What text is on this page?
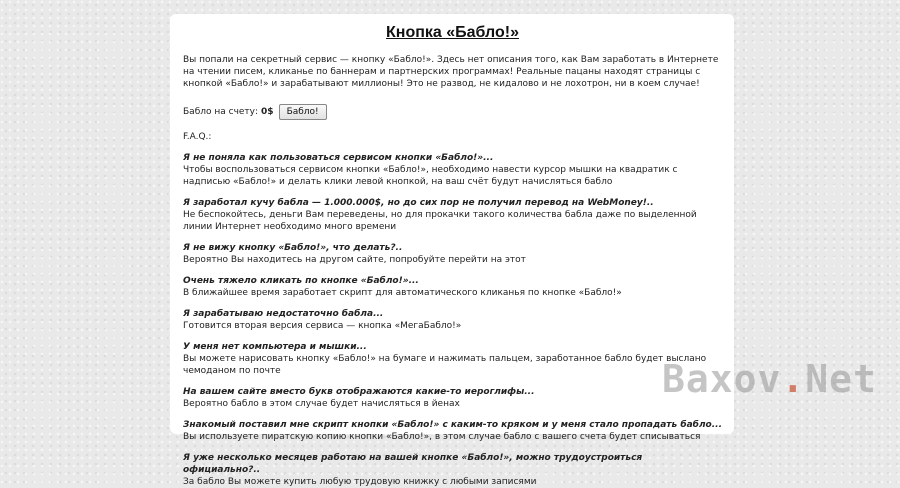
Кнопка «Бабло!»

Вы попали на секретный сервис — кнопку «Бабло!». Здесь нет описания того, как Вам заработать в Интернете на чтении писем, кликанье по баннерам и партнерских программах! Реальные пацаны находят страницы с кнопкой «Бабло!» и зарабатывают миллионы! Это не развод, не кидалово и не лохотрон, ни в коем случае!

Бабло на счету: 0$	Бабло!
F.A.Q.:
Я не поняла как пользоваться сервисом кнопки «Бабло!»...
Чтобы воспользоваться сервисом кнопки «Бабло!», необходимо навести курсор мышки на квадратик с надписью «Бабло!» и делать клики левой кнопкой, на ваш счёт будут начисляться бабло
Я заработал кучу бабла — 1.000.000$, но до сих пор не получил перевод на WebMoney!..
Не беспокойтесь, деньги Вам переведены, но для прокачки такого количества бабла даже по выделенной линии Интернет необходимо много времени
Я не вижу кнопку «Бабло!», что делать?..
Вероятно Вы находитесь на другом сайте, попробуйте перейти на этот
Очень тяжело кликать по кнопке «Бабло!»...
В ближайшее время заработает скрипт для автоматического кликанья по кнопке «Бабло!»
Я зарабатываю недостаточно бабла...
Готовится вторая версия сервиса — кнопка «МегаБабло!»
У меня нет компьютера и мышки...
Вы можете нарисовать кнопку «Бабло!» на бумаге и нажимать пальцем, заработанное бабло будет выслано чемоданом по почте
На вашем сайте вместо букв отображаются какие-то иероглифы...
Вероятно бабло в этом случае будет начисляться в йенах
Знакомый поставил мне скрипт кнопки «Бабло!» с каким-то кряком и у меня стало пропадать бабло...
Вы используете пиратскую копию кнопки «Бабло!», в этом случае бабло с вашего счета будет списываться
Я уже несколько месяцев работаю на вашей кнопке «Бабло!», можно трудоустроиться официально?..
За бабло Вы можете купить любую трудовую книжку с любыми записями
Baxov.Net
